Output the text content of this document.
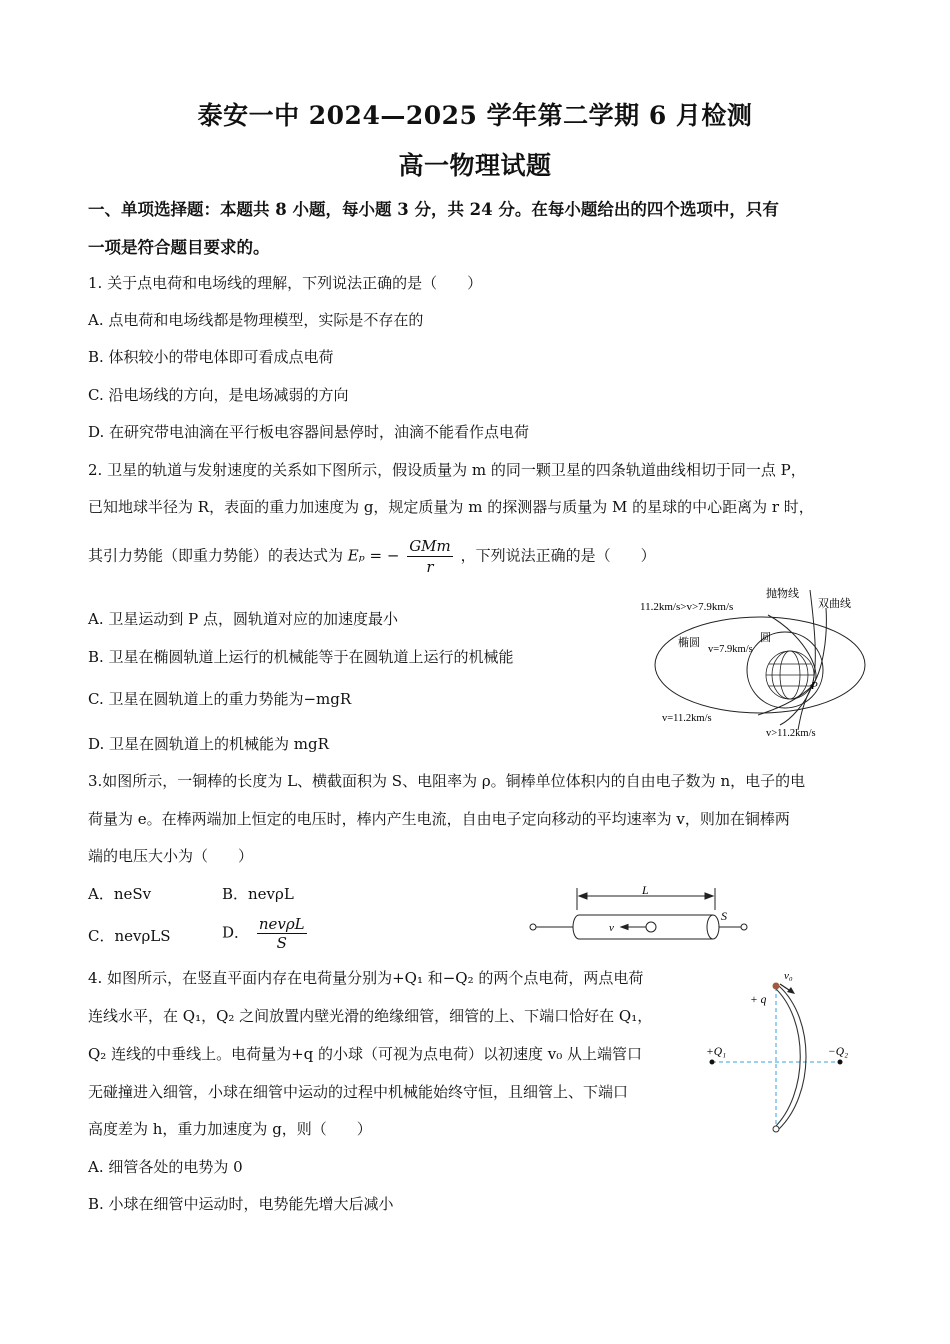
泰安一中 2024—2025 学年第二学期 6 月检测
高一物理试题
一、单项选择题：本题共 8 小题，每小题 3 分，共 24 分。在每小题给出的四个选项中，只有
一项是符合题目要求的。
1. 关于点电荷和电场线的理解，下列说法正确的是（　　）
A. 点电荷和电场线都是物理模型，实际是不存在的
B. 体积较小的带电体即可看成点电荷
C. 沿电场线的方向，是电场减弱的方向
D. 在研究带电油滴在平行板电容器间悬停时，油滴不能看作点电荷
2. 卫星的轨道与发射速度的关系如下图所示，假设质量为 m 的同一颗卫星的四条轨道曲线相切于同一点 P，
已知地球半径为 R，表面的重力加速度为 g，规定质量为 m 的探测器与质量为 M 的星球的中心距离为 r 时，
其引力势能（即重力势能）的表达式为 Eₚ = − $\frac{\text{GMm}}{r}$ ，下列说法正确的是（　　）
A. 卫星运动到 P 点，圆轨道对应的加速度最小
B. 卫星在椭圆轨道上运行的机械能等于在圆轨道上运行的机械能
C. 卫星在圆轨道上的重力势能为−mgR
D. 卫星在圆轨道上的机械能为 mgR
11.2km/s>v>7.9km/s
抛物线
双曲线
椭圆	圆
v=7.9km/s
P
v=11.2km/s
v>11.2km/s
3.如图所示，一铜棒的长度为 L、横截面积为 S、电阻率为 ρ。铜棒单位体积内的自由电子数为 n，电子的电
荷量为 e。在棒两端加上恒定的电压时，棒内产生电流，自由电子定向移动的平均速率为 v，则加在铜棒两
端的电压大小为（　　）
A．neSv	B．nevρL
C．nevρLS	D． $\frac{\text{nevρL}}{S}$
L
S
v
4. 如图所示，在竖直平面内存在电荷量分别为+Q₁ 和−Q₂ 的两个点电荷，两点电荷
连线水平，在 Q₁，Q₂ 之间放置内壁光滑的绝缘细管，细管的上、下端口恰好在 Q₁，
Q₂ 连线的中垂线上。电荷量为+q 的小球（可视为点电荷）以初速度 v₀ 从上端管口
无碰撞进入细管，小球在细管中运动的过程中机械能始终守恒，且细管上、下端口
高度差为 h，重力加速度为 g，则（　　）
A. 细管各处的电势为 0
B. 小球在细管中运动时，电势能先增大后减小
v₀
+ q
+Q₁	−Q₂
